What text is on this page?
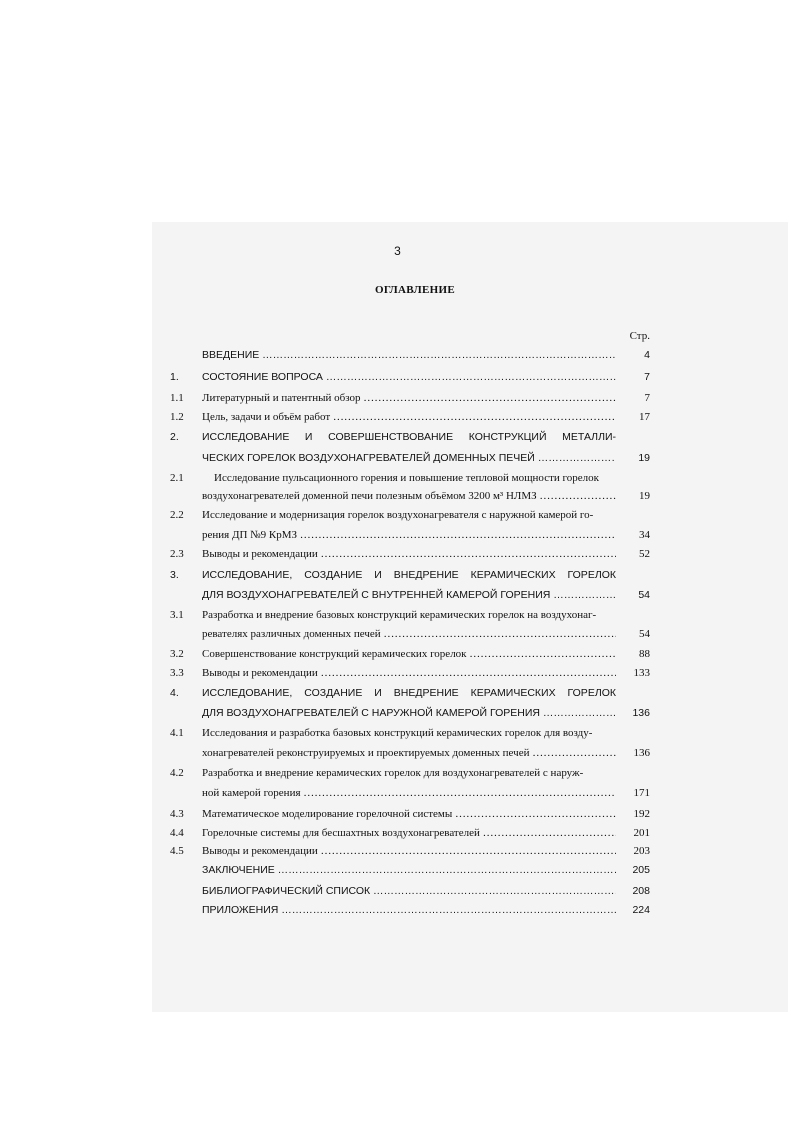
3
ОГЛАВЛЕНИЕ
Стр.
ВВЕДЕНИЕ ………………………………………………………………………………………………………………………………………………………………………………	4
1.	СОСТОЯНИЕ ВОПРОСА ………………………………………………………………………………………………………………………………………………………………………………	7
1.1	Литературный и патентный обзор ………………………………………………………………………………………………………………………………………………………………………………	7
1.2	Цель, задачи и объём работ ………………………………………………………………………………………………………………………………………………………………………………	17
2.	ИССЛЕДОВАНИЕ И СОВЕРШЕНСТВОВАНИЕ КОНСТРУКЦИЙ МЕТАЛЛИ-
ЧЕСКИХ ГОРЕЛОК ВОЗДУХОНАГРЕВАТЕЛЕЙ ДОМЕННЫХ ПЕЧЕЙ ………………………………………………………………………………………………………………………………………………………………………………	19
2.1	Исследование пульсационного горения и повышение тепловой мощности горелок
воздухонагревателей доменной печи полезным объёмом 3200 м³ НЛМЗ ………………………………………………………………………………………………………………………………………………………………………………	19
2.2	Исследование и модернизация горелок воздухонагревателя с наружной камерой го-
рения ДП №9 КрМЗ ………………………………………………………………………………………………………………………………………………………………………………	34
2.3	Выводы и рекомендации ………………………………………………………………………………………………………………………………………………………………………………	52
3.	ИССЛЕДОВАНИЕ, СОЗДАНИЕ И ВНЕДРЕНИЕ КЕРАМИЧЕСКИХ ГОРЕЛОК
ДЛЯ ВОЗДУХОНАГРЕВАТЕЛЕЙ С ВНУТРЕННЕЙ КАМЕРОЙ ГОРЕНИЯ ………………………………………………………………………………………………………………………………………………………………………………	54
3.1	Разработка и внедрение базовых конструкций керамических горелок на воздухонаг-
ревателях различных доменных печей ………………………………………………………………………………………………………………………………………………………………………………	54
3.2	Совершенствование конструкций керамических горелок ………………………………………………………………………………………………………………………………………………………………………………	88
3.3	Выводы и рекомендации ………………………………………………………………………………………………………………………………………………………………………………	133
4.	ИССЛЕДОВАНИЕ, СОЗДАНИЕ И ВНЕДРЕНИЕ КЕРАМИЧЕСКИХ ГОРЕЛОК
ДЛЯ ВОЗДУХОНАГРЕВАТЕЛЕЙ С НАРУЖНОЙ КАМЕРОЙ ГОРЕНИЯ ………………………………………………………………………………………………………………………………………………………………………………	136
4.1	Исследования и разработка базовых конструкций керамических горелок для возду-
хонагревателей реконструируемых и проектируемых доменных печей ………………………………………………………………………………………………………………………………………………………………………………	136
4.2	Разработка и внедрение керамических горелок для воздухонагревателей с наруж-
ной камерой горения ………………………………………………………………………………………………………………………………………………………………………………	171
4.3	Математическое моделирование горелочной системы ………………………………………………………………………………………………………………………………………………………………………………	192
4.4	Горелочные системы для бесшахтных воздухонагревателей ………………………………………………………………………………………………………………………………………………………………………………	201
4.5	Выводы и рекомендации ………………………………………………………………………………………………………………………………………………………………………………	203
ЗАКЛЮЧЕНИЕ ………………………………………………………………………………………………………………………………………………………………………………	205
БИБЛИОГРАФИЧЕСКИЙ СПИСОК ………………………………………………………………………………………………………………………………………………………………………………	208
ПРИЛОЖЕНИЯ ………………………………………………………………………………………………………………………………………………………………………………	224
